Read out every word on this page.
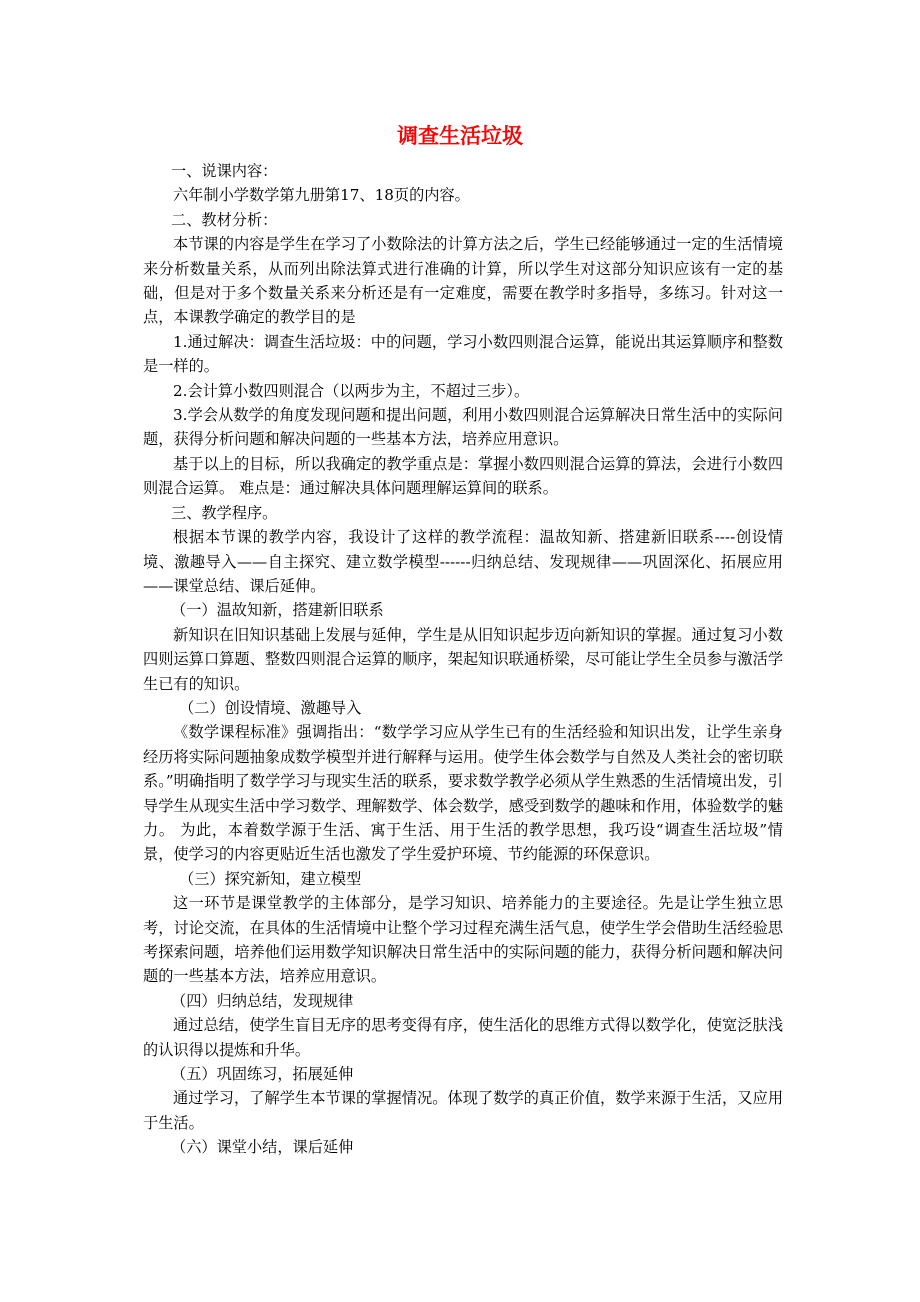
调查生活垃圾

一、说课内容：

六年制小学数学第九册第17、18页的内容。

二、教材分析：

本节课的内容是学生在学习了小数除法的计算方法之后，学生已经能够通过一定的生活情境来分析数量关系，从而列出除法算式进行准确的计算，所以学生对这部分知识应该有一定的基础，但是对于多个数量关系来分析还是有一定难度，需要在教学时多指导，多练习。针对这一点，本课教学确定的教学目的是

1.通过解决：调查生活垃圾：中的问题，学习小数四则混合运算，能说出其运算顺序和整数是一样的。

2.会计算小数四则混合（以两步为主，不超过三步）。

3.学会从数学的角度发现问题和提出问题，利用小数四则混合运算解决日常生活中的实际问题，获得分析问题和解决问题的一些基本方法，培养应用意识。

基于以上的目标，所以我确定的教学重点是：掌握小数四则混合运算的算法，会进行小数四则混合运算。 难点是：通过解决具体问题理解运算间的联系。

三、教学程序。

根据本节课的教学内容，我设计了这样的教学流程：温故知新、搭建新旧联系----创设情境、激趣导入——自主探究、建立数学模型------归纳总结、发现规律——巩固深化、拓展应用——课堂总结、课后延伸。

（一）温故知新，搭建新旧联系

新知识在旧知识基础上发展与延伸，学生是从旧知识起步迈向新知识的掌握。通过复习小数四则运算口算题、整数四则混合运算的顺序，架起知识联通桥梁，尽可能让学生全员参与激活学生已有的知识。

（二）创设情境、激趣导入

《数学课程标准》强调指出：“数学学习应从学生已有的生活经验和知识出发，让学生亲身经历将实际问题抽象成数学模型并进行解释与运用。使学生体会数学与自然及人类社会的密切联系。”明确指明了数学学习与现实生活的联系，要求数学教学必须从学生熟悉的生活情境出发，引导学生从现实生活中学习数学、理解数学、体会数学，感受到数学的趣味和作用，体验数学的魅力。 为此，本着数学源于生活、寓于生活、用于生活的教学思想，我巧设“调查生活垃圾”情景，使学习的内容更贴近生活也激发了学生爱护环境、节约能源的环保意识。

（三）探究新知，建立模型

这一环节是课堂教学的主体部分，是学习知识、培养能力的主要途径。先是让学生独立思考，讨论交流，在具体的生活情境中让整个学习过程充满生活气息，使学生学会借助生活经验思考探索问题，培养他们运用数学知识解决日常生活中的实际问题的能力，获得分析问题和解决问题的一些基本方法，培养应用意识。

（四）归纳总结，发现规律

通过总结，使学生盲目无序的思考变得有序，使生活化的思维方式得以数学化，使宽泛肤浅的认识得以提炼和升华。

（五）巩固练习，拓展延伸

通过学习，了解学生本节课的掌握情况。体现了数学的真正价值，数学来源于生活，又应用于生活。

（六）课堂小结，课后延伸
